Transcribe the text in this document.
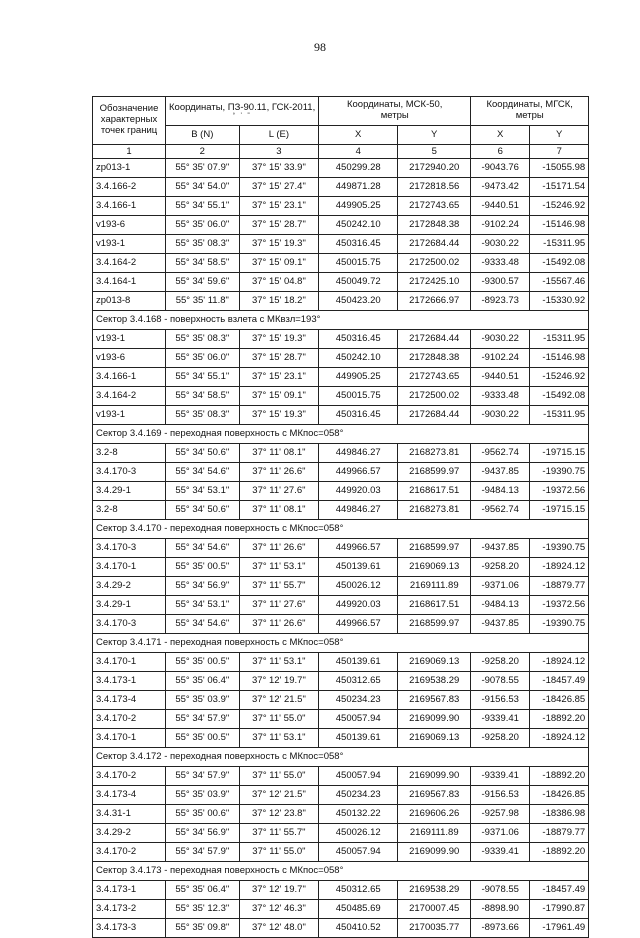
98
Обозначение
характерных
точек границ	Координаты, ПЗ-90.11, ГСК-2011,
° ' "		Координаты, МСК-50,
метры		Координаты, МГСК,
метры	

	B (N)	L (E)	X	Y	X	Y
1	2	3	4	5	6	7
zp013-1	55° 35' 07.9"	37° 15' 33.9"	450299.28	2172940.20	-9043.76	-15055.98
3.4.166-2	55° 34' 54.0"	37° 15' 27.4"	449871.28	2172818.56	-9473.42	-15171.54
3.4.166-1	55° 34' 55.1"	37° 15' 23.1"	449905.25	2172743.65	-9440.51	-15246.92
v193-6	55° 35' 06.0"	37° 15' 28.7"	450242.10	2172848.38	-9102.24	-15146.98
v193-1	55° 35' 08.3"	37° 15' 19.3"	450316.45	2172684.44	-9030.22	-15311.95
3.4.164-2	55° 34' 58.5"	37° 15' 09.1"	450015.75	2172500.02	-9333.48	-15492.08
3.4.164-1	55° 34' 59.6"	37° 15' 04.8"	450049.72	2172425.10	-9300.57	-15567.46
zp013-8	55° 35' 11.8"	37° 15' 18.2"	450423.20	2172666.97	-8923.73	-15330.92
Сектор 3.4.168 - поверхность взлета с МКвзл=193°						
v193-1	55° 35' 08.3"	37° 15' 19.3"	450316.45	2172684.44	-9030.22	-15311.95
v193-6	55° 35' 06.0"	37° 15' 28.7"	450242.10	2172848.38	-9102.24	-15146.98
3.4.166-1	55° 34' 55.1"	37° 15' 23.1"	449905.25	2172743.65	-9440.51	-15246.92
3.4.164-2	55° 34' 58.5"	37° 15' 09.1"	450015.75	2172500.02	-9333.48	-15492.08
v193-1	55° 35' 08.3"	37° 15' 19.3"	450316.45	2172684.44	-9030.22	-15311.95
Сектор 3.4.169 - переходная поверхность с МКпос=058°						
3.2-8	55° 34' 50.6"	37° 11' 08.1"	449846.27	2168273.81	-9562.74	-19715.15
3.4.170-3	55° 34' 54.6"	37° 11' 26.6"	449966.57	2168599.97	-9437.85	-19390.75
3.4.29-1	55° 34' 53.1"	37° 11' 27.6"	449920.03	2168617.51	-9484.13	-19372.56
3.2-8	55° 34' 50.6"	37° 11' 08.1"	449846.27	2168273.81	-9562.74	-19715.15
Сектор 3.4.170 - переходная поверхность с МКпос=058°						
3.4.170-3	55° 34' 54.6"	37° 11' 26.6"	449966.57	2168599.97	-9437.85	-19390.75
3.4.170-1	55° 35' 00.5"	37° 11' 53.1"	450139.61	2169069.13	-9258.20	-18924.12
3.4.29-2	55° 34' 56.9"	37° 11' 55.7"	450026.12	2169111.89	-9371.06	-18879.77
3.4.29-1	55° 34' 53.1"	37° 11' 27.6"	449920.03	2168617.51	-9484.13	-19372.56
3.4.170-3	55° 34' 54.6"	37° 11' 26.6"	449966.57	2168599.97	-9437.85	-19390.75
Сектор 3.4.171 - переходная поверхность с МКпос=058°						
3.4.170-1	55° 35' 00.5"	37° 11' 53.1"	450139.61	2169069.13	-9258.20	-18924.12
3.4.173-1	55° 35' 06.4"	37° 12' 19.7"	450312.65	2169538.29	-9078.55	-18457.49
3.4.173-4	55° 35' 03.9"	37° 12' 21.5"	450234.23	2169567.83	-9156.53	-18426.85
3.4.170-2	55° 34' 57.9"	37° 11' 55.0"	450057.94	2169099.90	-9339.41	-18892.20
3.4.170-1	55° 35' 00.5"	37° 11' 53.1"	450139.61	2169069.13	-9258.20	-18924.12
Сектор 3.4.172 - переходная поверхность с МКпос=058°						
3.4.170-2	55° 34' 57.9"	37° 11' 55.0"	450057.94	2169099.90	-9339.41	-18892.20
3.4.173-4	55° 35' 03.9"	37° 12' 21.5"	450234.23	2169567.83	-9156.53	-18426.85
3.4.31-1	55° 35' 00.6"	37° 12' 23.8"	450132.22	2169606.26	-9257.98	-18386.98
3.4.29-2	55° 34' 56.9"	37° 11' 55.7"	450026.12	2169111.89	-9371.06	-18879.77
3.4.170-2	55° 34' 57.9"	37° 11' 55.0"	450057.94	2169099.90	-9339.41	-18892.20
Сектор 3.4.173 - переходная поверхность с МКпос=058°						
3.4.173-1	55° 35' 06.4"	37° 12' 19.7"	450312.65	2169538.29	-9078.55	-18457.49
3.4.173-2	55° 35' 12.3"	37° 12' 46.3"	450485.69	2170007.45	-8898.90	-17990.87
3.4.173-3	55° 35' 09.8"	37° 12' 48.0"	450410.52	2170035.77	-8973.66	-17961.49
